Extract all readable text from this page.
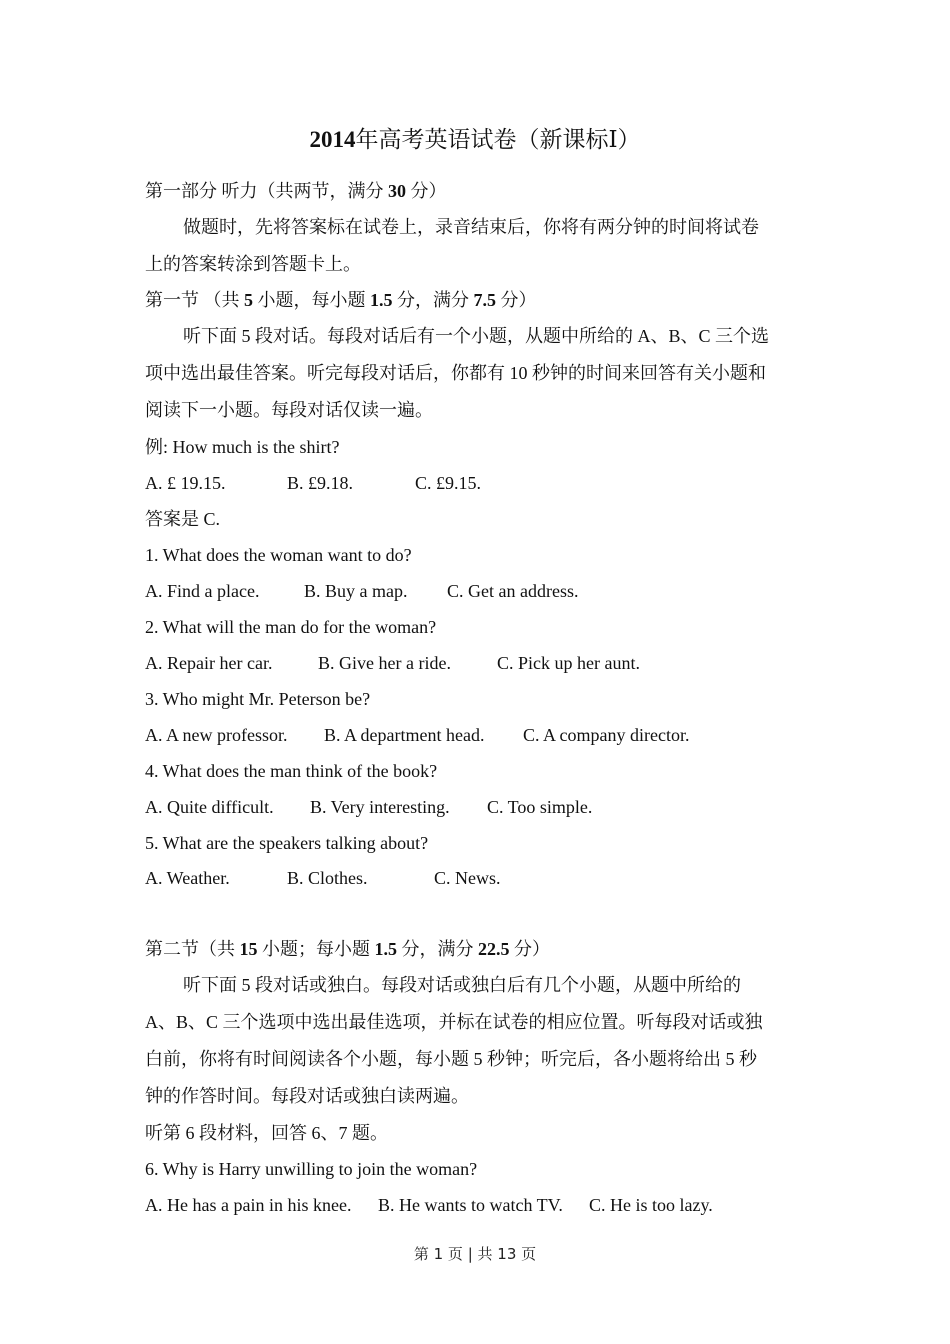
2014年高考英语试卷（新课标Ⅰ）

第一部分 听力（共两节，满分 30 分）

做题时，先将答案标在试卷上，录音结束后，你将有两分钟的时间将试卷

上的答案转涂到答题卡上。

第一节 （共 5 小题，每小题 1.5 分，满分 7.5 分）

听下面 5 段对话。每段对话后有一个小题，从题中所给的 A、B、C 三个选

项中选出最佳答案。听完每段对话后，你都有 10 秒钟的时间来回答有关小题和

阅读下一小题。每段对话仅读一遍。

例: How much is the shirt?

A. £ 19.15.	B. £9.18.	C. £9.15.

答案是 C.

1. What does the woman want to do?

A. Find a place. B. Buy a map. C. Get an address.

2. What will the man do for the woman?

A. Repair her car.	B. Give her a ride.	C. Pick up her aunt.

3. Who might Mr. Peterson be?

A. A new professor. B. A department head. C. A company director.

4. What does the man think of the book?

A. Quite difficult. B. Very interesting. C. Too simple.

5. What are the speakers talking about?

A. Weather.	B. Clothes.	C. News.

第二节（共 15 小题；每小题 1.5 分，满分 22.5 分）

听下面 5 段对话或独白。每段对话或独白后有几个小题，从题中所给的

A、B、C 三个选项中选出最佳选项，并标在试卷的相应位置。听每段对话或独

白前，你将有时间阅读各个小题，每小题 5 秒钟；听完后，各小题将给出 5 秒

钟的作答时间。每段对话或独白读两遍。

听第 6 段材料，回答 6、7 题。

6. Why is Harry unwilling to join the woman?

A. He has a pain in his knee. B. He wants to watch TV. C. He is too lazy.

第 1 页 | 共 13 页
